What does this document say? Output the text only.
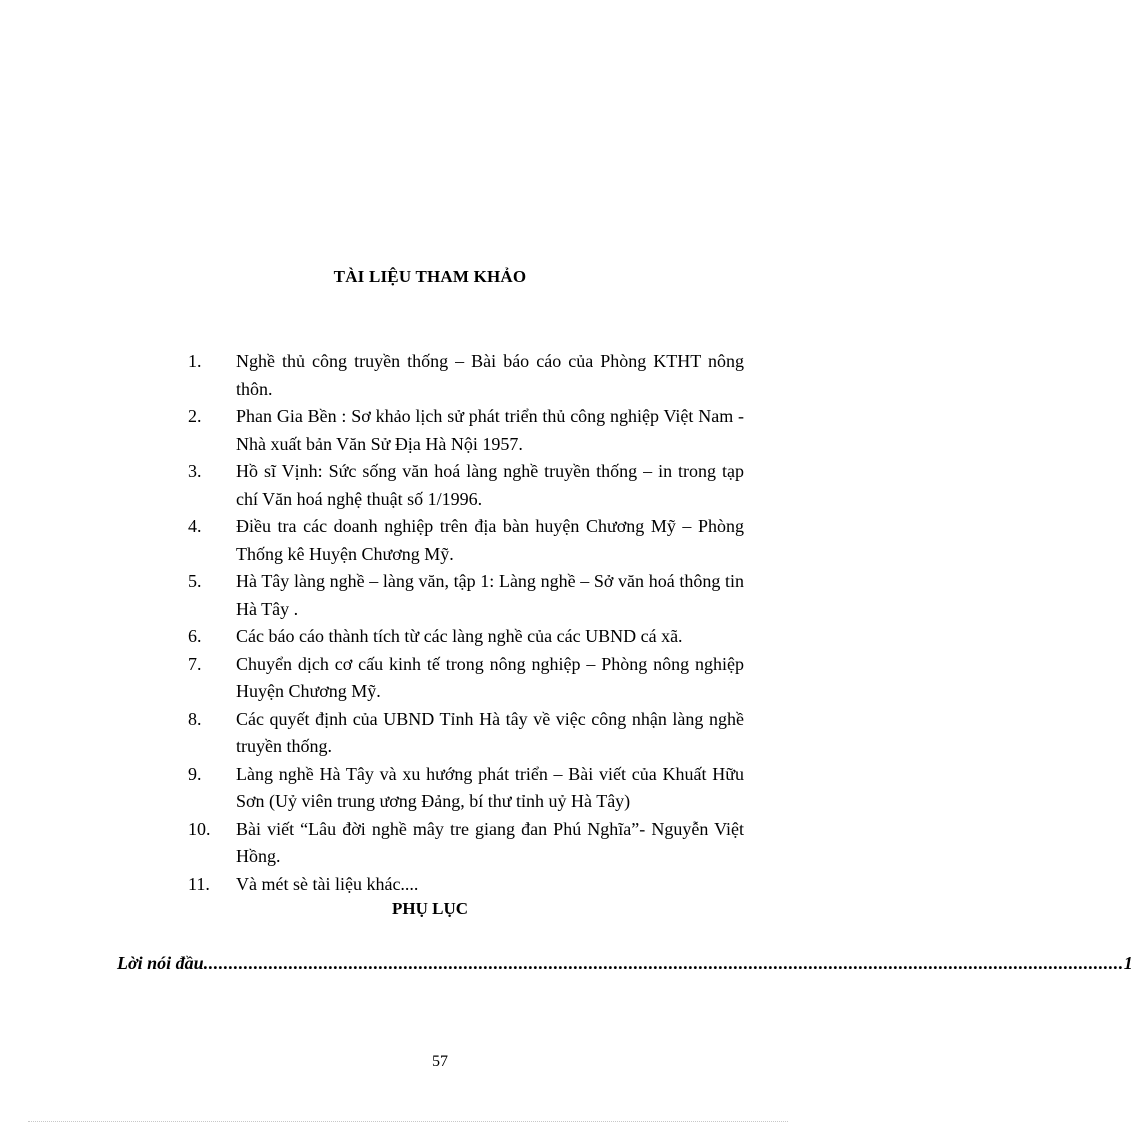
TÀI LIỆU THAM KHẢO
1.	Nghề thủ công truyền thống – Bài báo cáo của Phòng KTHT nông thôn.
2.	Phan Gia Bền : Sơ khảo lịch sử phát triển thủ công nghiệp Việt Nam - Nhà xuất bản Văn Sử Địa Hà Nội 1957.
3.	Hồ sĩ Vịnh: Sức sống văn hoá làng nghề truyền thống – in trong tạp chí Văn hoá nghệ thuật số 1/1996.
4.	Điều tra các doanh nghiệp trên địa bàn huyện Chương Mỹ – Phòng Thống kê Huyện Chương Mỹ.
5.	Hà Tây làng nghề – làng văn, tập 1: Làng nghề – Sở văn hoá thông tin Hà Tây .
6.	Các báo cáo thành tích từ các làng nghề của các UBND cá xã.
7.	Chuyển dịch cơ cấu kinh tế trong nông nghiệp – Phòng nông nghiệp Huyện Chương Mỹ.
8.	Các quyết định của UBND Tỉnh Hà tây về việc công nhận làng nghề truyền thống.
9.	Làng nghề Hà Tây và xu hướng phát triển – Bài viết của Khuất Hữu Sơn (Uỷ viên trung ương Đảng, bí thư tỉnh uỷ Hà Tây)
10.	Bài viết “Lâu đời nghề mây tre giang đan Phú Nghĩa”- Nguyễn Việt Hồng.
11.	Và mét sè tài liệu khác....
PHỤ LỤC
Lời nói đầu ........................................................................................................................................................................................ 1
57
